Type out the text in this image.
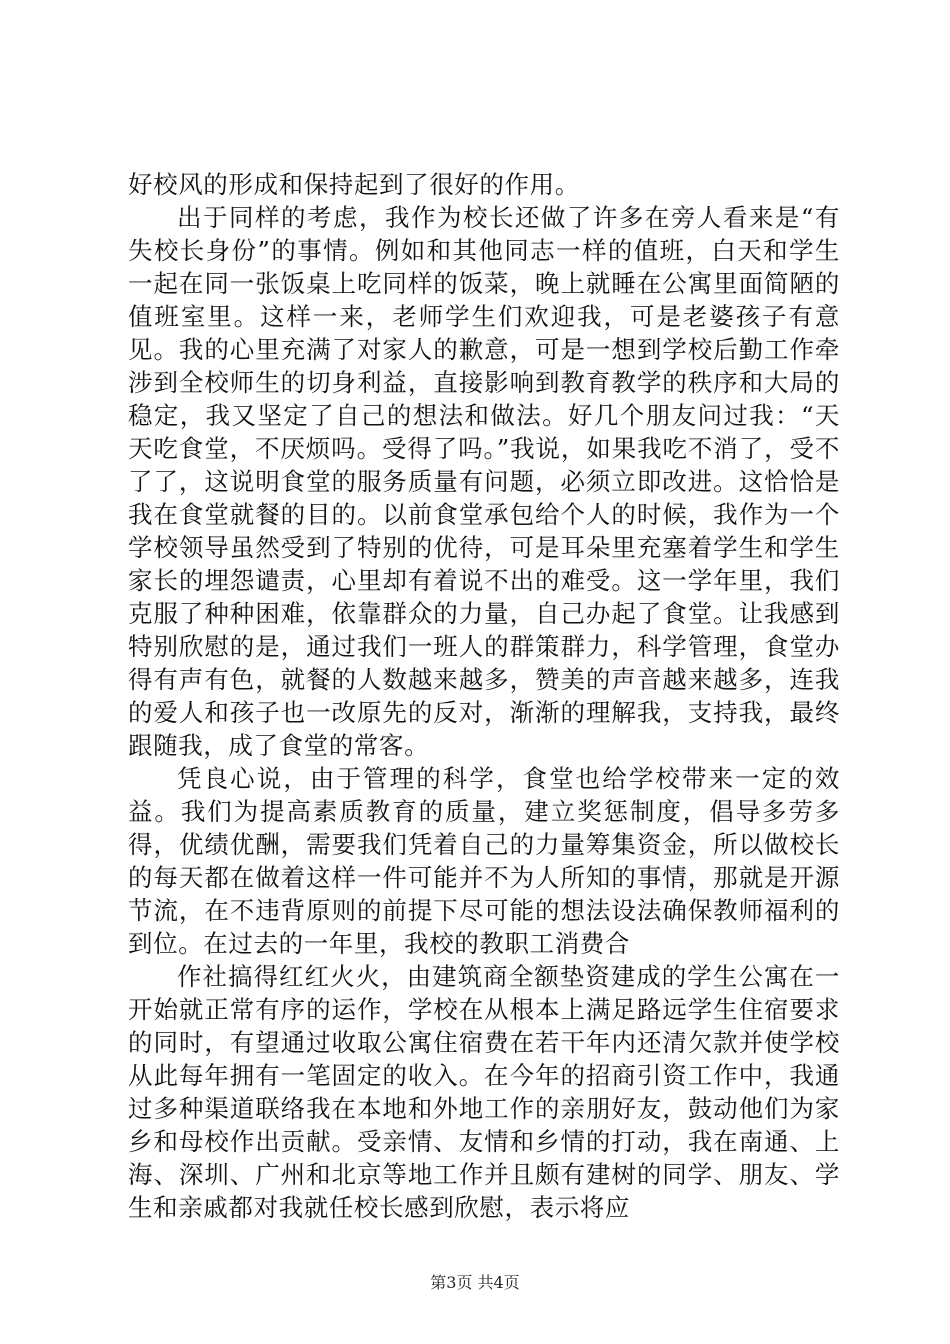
好校风的形成和保持起到了很好的作用。

出于同样的考虑，我作为校长还做了许多在旁人看来是“有失校长身份”的事情。例如和其他同志一样的值班，白天和学生一起在同一张饭桌上吃同样的饭菜，晚上就睡在公寓里面简陋的值班室里。这样一来，老师学生们欢迎我，可是老婆孩子有意见。我的心里充满了对家人的歉意，可是一想到学校后勤工作牵涉到全校师生的切身利益，直接影响到教育教学的秩序和大局的稳定，我又坚定了自己的想法和做法。好几个朋友问过我：“天天吃食堂，不厌烦吗。受得了吗。”我说，如果我吃不消了，受不了了，这说明食堂的服务质量有问题，必须立即改进。这恰恰是我在食堂就餐的目的。以前食堂承包给个人的时候，我作为一个学校领导虽然受到了特别的优待，可是耳朵里充塞着学生和学生家长的埋怨谴责，心里却有着说不出的难受。这一学年里，我们克服了种种困难，依靠群众的力量，自己办起了食堂。让我感到特别欣慰的是，通过我们一班人的群策群力，科学管理，食堂办得有声有色，就餐的人数越来越多，赞美的声音越来越多，连我的爱人和孩子也一改原先的反对，渐渐的理解我，支持我，最终跟随我，成了食堂的常客。

凭良心说，由于管理的科学，食堂也给学校带来一定的效益。我们为提高素质教育的质量，建立奖惩制度，倡导多劳多得，优绩优酬，需要我们凭着自己的力量筹集资金，所以做校长的每天都在做着这样一件可能并不为人所知的事情，那就是开源节流，在不违背原则的前提下尽可能的想法设法确保教师福利的到位。在过去的一年里，我校的教职工消费合

作社搞得红红火火，由建筑商全额垫资建成的学生公寓在一开始就正常有序的运作，学校在从根本上满足路远学生住宿要求的同时，有望通过收取公寓住宿费在若干年内还清欠款并使学校从此每年拥有一笔固定的收入。在今年的招商引资工作中，我通过多种渠道联络我在本地和外地工作的亲朋好友，鼓动他们为家乡和母校作出贡献。受亲情、友情和乡情的打动，我在南通、上海、深圳、广州和北京等地工作并且颇有建树的同学、朋友、学生和亲戚都对我就任校长感到欣慰，表示将应

第3页 共4页
